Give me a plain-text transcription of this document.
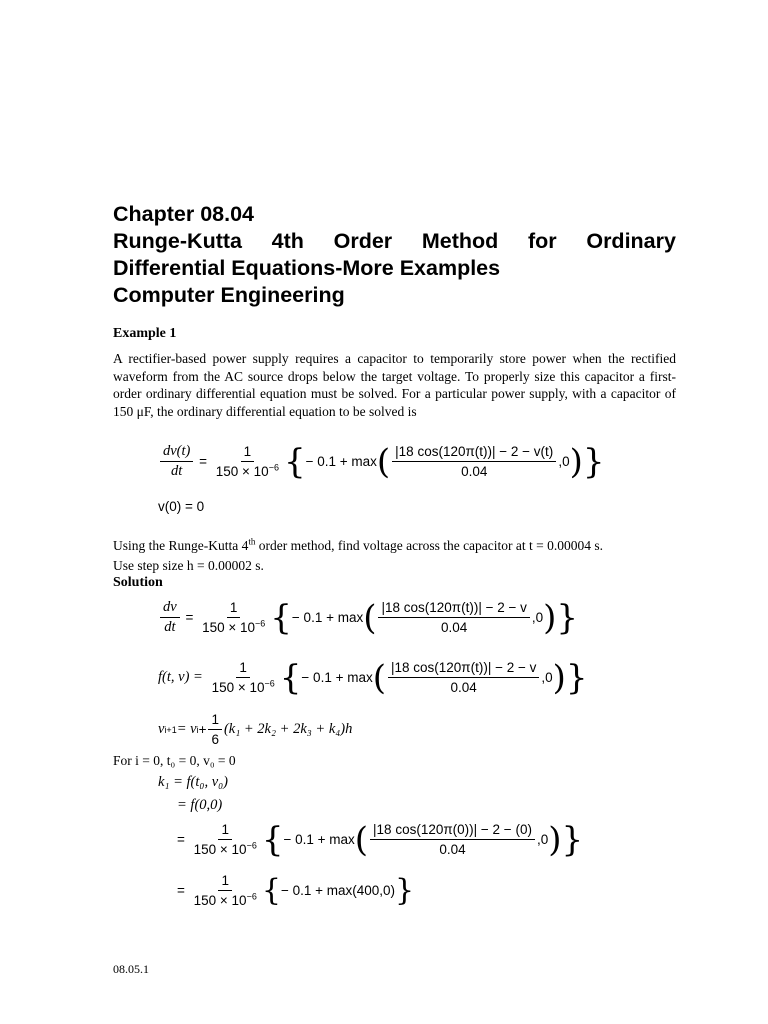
Chapter 08.04
Runge-Kutta 4th Order Method for Ordinary
Differential Equations-More Examples
Computer Engineering
Example 1
A rectifier-based power supply requires a capacitor to temporarily store power when the rectified waveform from the AC source drops below the target voltage. To properly size this capacitor a first-order ordinary differential equation must be solved. For a particular power supply, with a capacitor of 150 μF, the ordinary differential equation to be solved is
$\frac{dv(t)}{dt} = \frac{1}{150 \times 10^{-6}}$ { − 0.1 + max ( $\frac{|18 \cos(120\pi(t))| - 2 - v(t)}{0.04} ,0$ ) }
v(0) = 0
Using the Runge-Kutta 4th order method, find voltage across the capacitor at t = 0.00004 s.
Use step size h = 0.00002 s.
Solution
$\frac{dv}{dt} = \frac{1}{150 \times 10^{-6}}$ { − 0.1 + max ( $\frac{|18 \cos(120\pi(t))| - 2 - v}{0.04} ,0$ ) }
f(t, v) =
$\frac{1}{150 \times 10^{-6}}$ { − 0.1 + max ( $\frac{|18 \cos(120\pi(t))| - 2 - v}{0.04} ,0$ ) }
v i+1 = v $i + \frac{1}{6} (k_1 + 2k_2 + 2k_3 + k_4)h$
For i = 0, t₀ = 0, v₀ = 0
k₁ = f(t₀, v₀)
= f(0,0)
= $\frac{1}{150 \times 10^{-6}}$ { − 0.1 + max ( $\frac{|18 \cos(120\pi(0))| - 2 - (0)}{0.04} ,0$ ) }
= $\frac{1}{150 \times 10^{-6}}$ { − 0.1 + max(400,0) }
08.05.1
